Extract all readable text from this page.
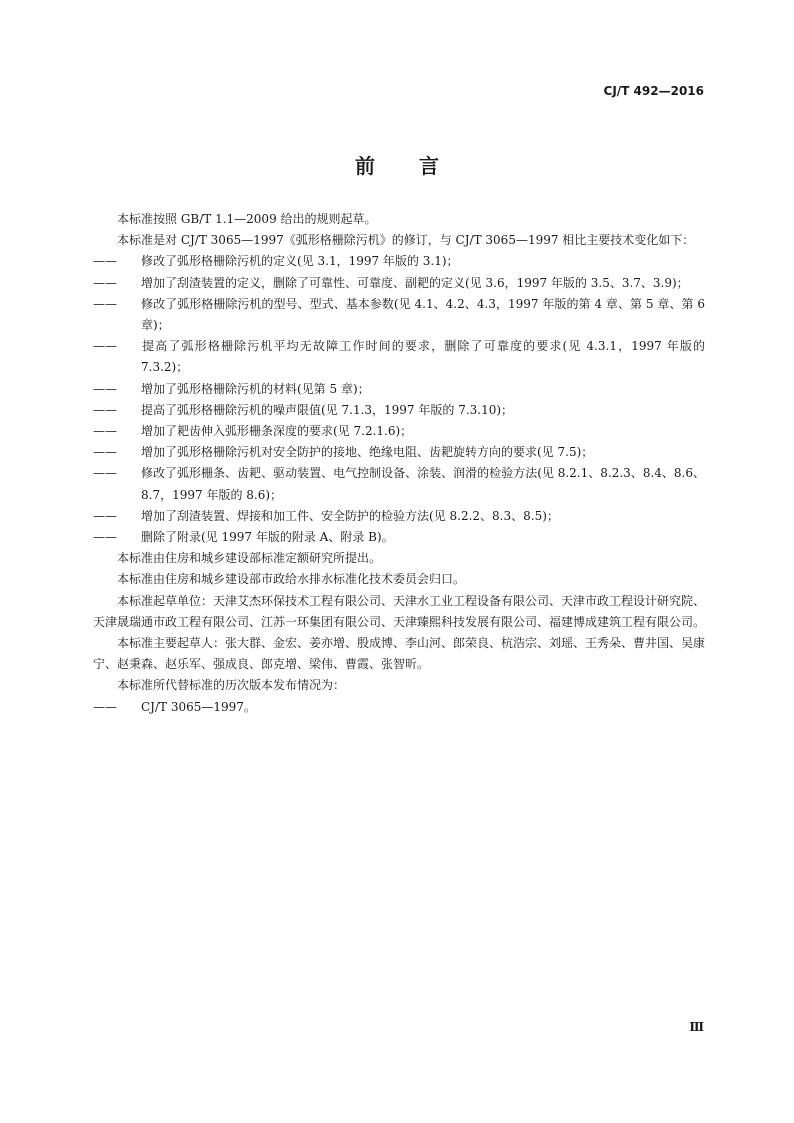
CJ/T 492—2016
前言
本标准按照 GB/T 1.1—2009 给出的规则起草。
本标准是对 CJ/T 3065—1997《弧形格栅除污机》的修订，与 CJ/T 3065—1997 相比主要技术变化如下：
—— 修改了弧形格栅除污机的定义(见 3.1，1997 年版的 3.1)；
—— 增加了刮渣装置的定义，删除了可靠性、可靠度、副耙的定义(见 3.6，1997 年版的 3.5、3.7、3.9)；
—— 修改了弧形格栅除污机的型号、型式、基本参数(见 4.1、4.2、4.3，1997 年版的第 4 章、第 5 章、第 6 章)；
—— 提高了弧形格栅除污机平均无故障工作时间的要求，删除了可靠度的要求(见 4.3.1，1997 年版的 7.3.2)；
—— 增加了弧形格栅除污机的材料(见第 5 章)；
—— 提高了弧形格栅除污机的噪声限值(见 7.1.3，1997 年版的 7.3.10)；
—— 增加了耙齿伸入弧形栅条深度的要求(见 7.2.1.6)；
—— 增加了弧形格栅除污机对安全防护的接地、绝缘电阻、齿耙旋转方向的要求(见 7.5)；
—— 修改了弧形栅条、齿耙、驱动装置、电气控制设备、涂装、润滑的检验方法(见 8.2.1、8.2.3、8.4、8.6、8.7，1997 年版的 8.6)；
—— 增加了刮渣装置、焊接和加工件、安全防护的检验方法(见 8.2.2、8.3、8.5)；
—— 删除了附录(见 1997 年版的附录 A、附录 B)。
本标准由住房和城乡建设部标准定额研究所提出。
本标准由住房和城乡建设部市政给水排水标准化技术委员会归口。
本标准起草单位：天津艾杰环保技术工程有限公司、天津水工业工程设备有限公司、天津市政工程设计研究院、天津晟瑞通市政工程有限公司、江苏一环集团有限公司、天津臻熙科技发展有限公司、福建博成建筑工程有限公司。
本标准主要起草人：张大群、金宏、姜亦增、殷成博、李山河、郎荣良、杭浩宗、刘瑶、王秀朵、曹井国、吴康宁、赵秉森、赵乐军、强成良、郎克增、梁伟、曹霞、张智昕。
本标准所代替标准的历次版本发布情况为：
—— CJ/T 3065—1997。
Ⅲ
